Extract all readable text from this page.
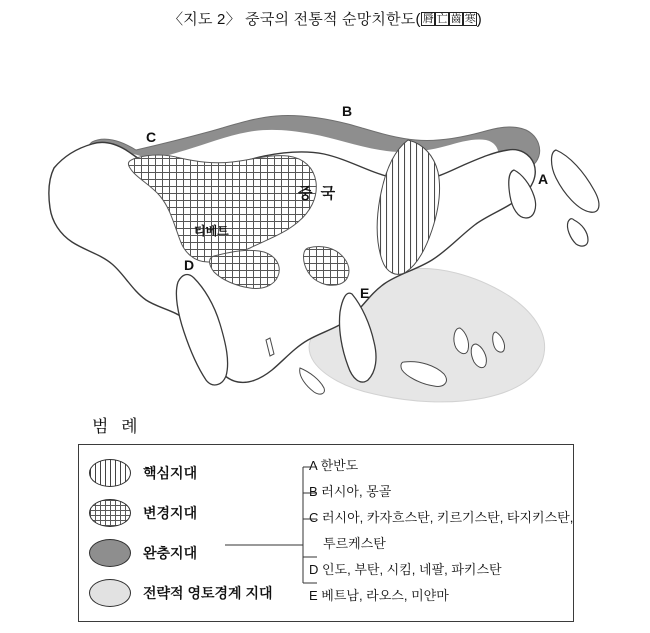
〈지도 2〉 중국의 전통적 순망치한도( 脣 亡 齒 寒 )
중 국
티베트
A
B
C
D
E
범 례
핵심지대
변경지대
완충지대
전략적 영토경계 지대
A 한반도
B 러시아, 몽골
C 러시아, 카자흐스탄, 키르기스탄, 타지키스탄,
투르케스탄
D 인도, 부탄, 시킴, 네팔, 파키스탄
E 베트남, 라오스, 미얀마
